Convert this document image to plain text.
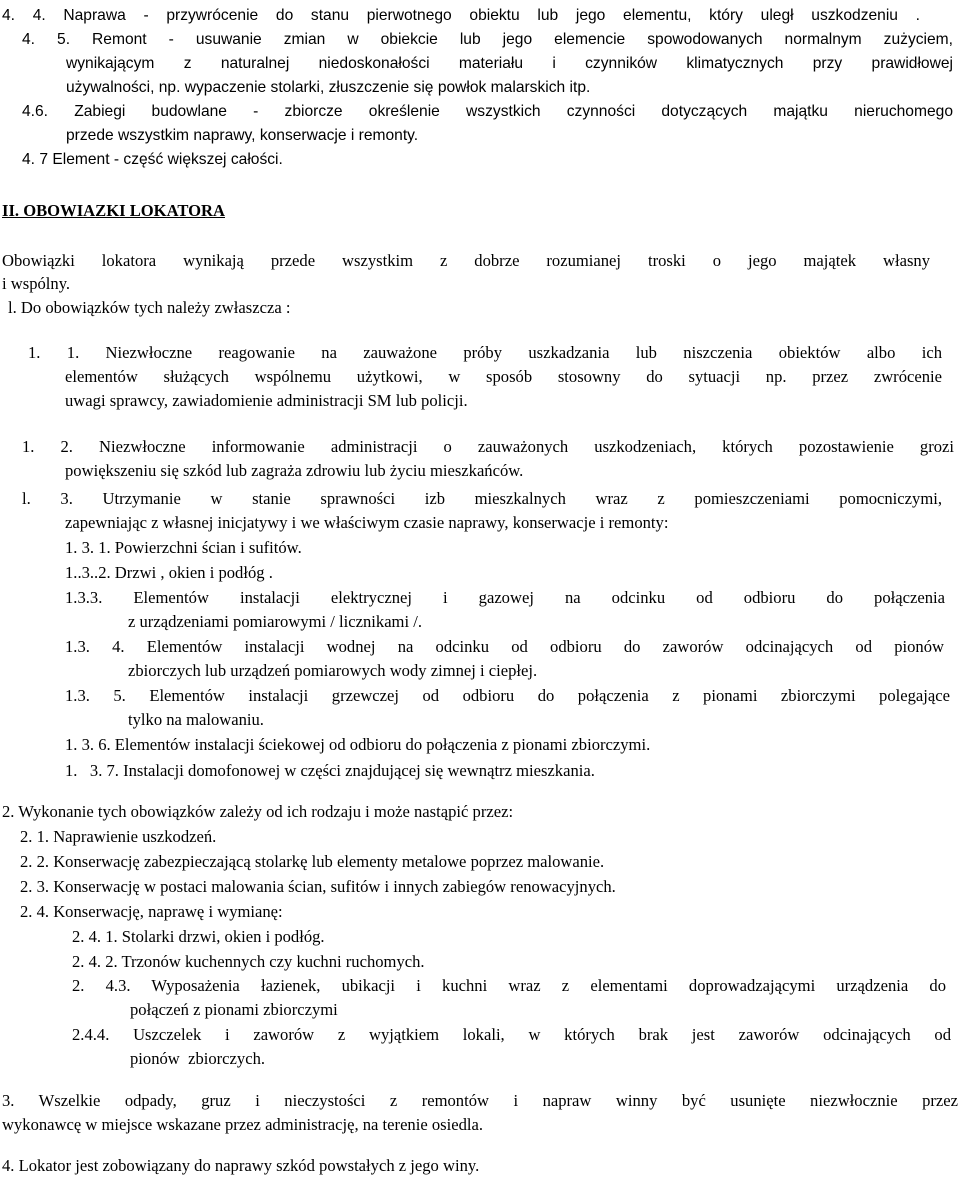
4. 4. Naprawa - przywrócenie do stanu pierwotnego obiektu lub jego elementu, który uległ uszkodzeniu .
4. 5. Remont - usuwanie zmian w obiekcie lub jego elemencie spowodowanych normalnym zużyciem,
wynikającym z naturalnej niedoskonałości materiału i czynników klimatycznych przy prawidłowej
używalności, np. wypaczenie stolarki, złuszczenie się powłok malarskich itp.
4.6. Zabiegi budowlane - zbiorcze określenie wszystkich czynności dotyczących majątku nieruchomego
przede wszystkim naprawy, konserwacje i remonty.
4. 7 Element - część większej całości.
II. OBOWIAZKI LOKATORA
Obowiązki lokatora wynikają przede wszystkim z dobrze rozumianej troski o jego majątek własny
i wspólny.
l. Do obowiązków tych należy zwłaszcza :
1. 1. Niezwłoczne reagowanie na zauważone próby uszkadzania lub niszczenia obiektów albo ich
elementów służących wspólnemu użytkowi, w sposób stosowny do sytuacji np. przez zwrócenie
uwagi sprawcy, zawiadomienie administracji SM lub policji.
1. 2. Niezwłoczne informowanie administracji o zauważonych uszkodzeniach, których pozostawienie grozi
powiększeniu się szkód lub zagraża zdrowiu lub życiu mieszkańców.
l. 3. Utrzymanie w stanie sprawności izb mieszkalnych wraz z pomieszczeniami pomocniczymi,
zapewniając z własnej inicjatywy i we właściwym czasie naprawy, konserwacje i remonty:
1. 3. 1. Powierzchni ścian i sufitów.
1..3..2. Drzwi , okien i podłóg .
1.3.3. Elementów instalacji elektrycznej i gazowej na odcinku od odbioru do połączenia
z urządzeniami pomiarowymi / licznikami /.
1.3. 4. Elementów instalacji wodnej na odcinku od odbioru do zaworów odcinających od pionów
zbiorczych lub urządzeń pomiarowych wody zimnej i ciepłej.
1.3. 5. Elementów instalacji grzewczej od odbioru do połączenia z pionami zbiorczymi polegające
tylko na malowaniu.
1. 3. 6. Elementów instalacji ściekowej od odbioru do połączenia z pionami zbiorczymi.
1.   3. 7. Instalacji domofonowej w części znajdującej się wewnątrz mieszkania.
2. Wykonanie tych obowiązków zależy od ich rodzaju i może nastąpić przez:
2. 1. Naprawienie uszkodzeń.
2. 2. Konserwację zabezpieczającą stolarkę lub elementy metalowe poprzez malowanie.
2. 3. Konserwację w postaci malowania ścian, sufitów i innych zabiegów renowacyjnych.
2. 4. Konserwację, naprawę i wymianę:
2. 4. 1. Stolarki drzwi, okien i podłóg.
2. 4. 2. Trzonów kuchennych czy kuchni ruchomych.
2. 4.3. Wyposażenia łazienek, ubikacji i kuchni wraz z elementami doprowadzającymi urządzenia do
połączeń z pionami zbiorczymi
2.4.4. Uszczelek i zaworów z wyjątkiem lokali, w których brak jest zaworów odcinających od
pionów  zbiorczych.
3. Wszelkie odpady, gruz i nieczystości z remontów i napraw winny być usunięte niezwłocznie przez
wykonawcę w miejsce wskazane przez administrację, na terenie osiedla.
4. Lokator jest zobowiązany do naprawy szkód powstałych z jego winy.
